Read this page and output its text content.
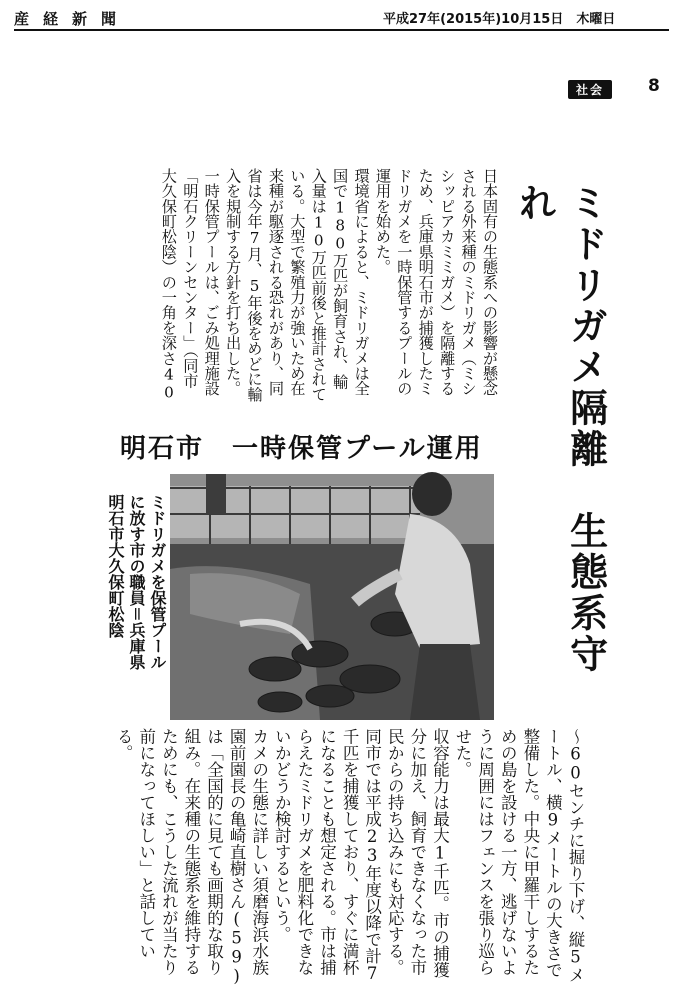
産経新聞	平成27年(2015年)10月15日　木曜日
社会	8
ミドリガメ隔離　生態系守れ
日本固有の生態系への影響が懸念される外来種のミドリガメ（ミシシッピアカミミガメ）を隔離するため、兵庫県明石市が捕獲したミドリガメを一時保管するプールの運用を始めた。
環境省によると、ミドリガメは全国で180万匹が飼育され、輸入量は10万匹前後と推計されている。大型で繁殖力が強いため在来種が駆逐される恐れがあり、同省は今年7月、5年後をめどに輸入を規制する方針を打ち出した。
一時保管プールは、ごみ処理施設「明石クリーンセンター」（同市大久保町松陰）の一角を深さ40
明石市　一時保管プール運用
ミドリガメを保管プールに放す市の職員＝兵庫県明石市大久保町松陰
～60センチに掘り下げ、縦5メートル、横9メートルの大きさで整備した。中央に甲羅干しするための島を設ける一方、逃げないように周囲にはフェンスを張り巡らせた。
収容能力は最大1千匹。市の捕獲分に加え、飼育できなくなった市民からの持ち込みにも対応する。同市では平成23年度以降で計7千匹を捕獲しており、すぐに満杯になることも想定される。市は捕らえたミドリガメを肥料化できないかどうか検討するという。
カメの生態に詳しい須磨海浜水族園前園長の亀崎直樹さん(59)は「全国的に見ても画期的な取り組み。在来種の生態系を維持するためにも、こうした流れが当たり前になってほしい」と話している。
